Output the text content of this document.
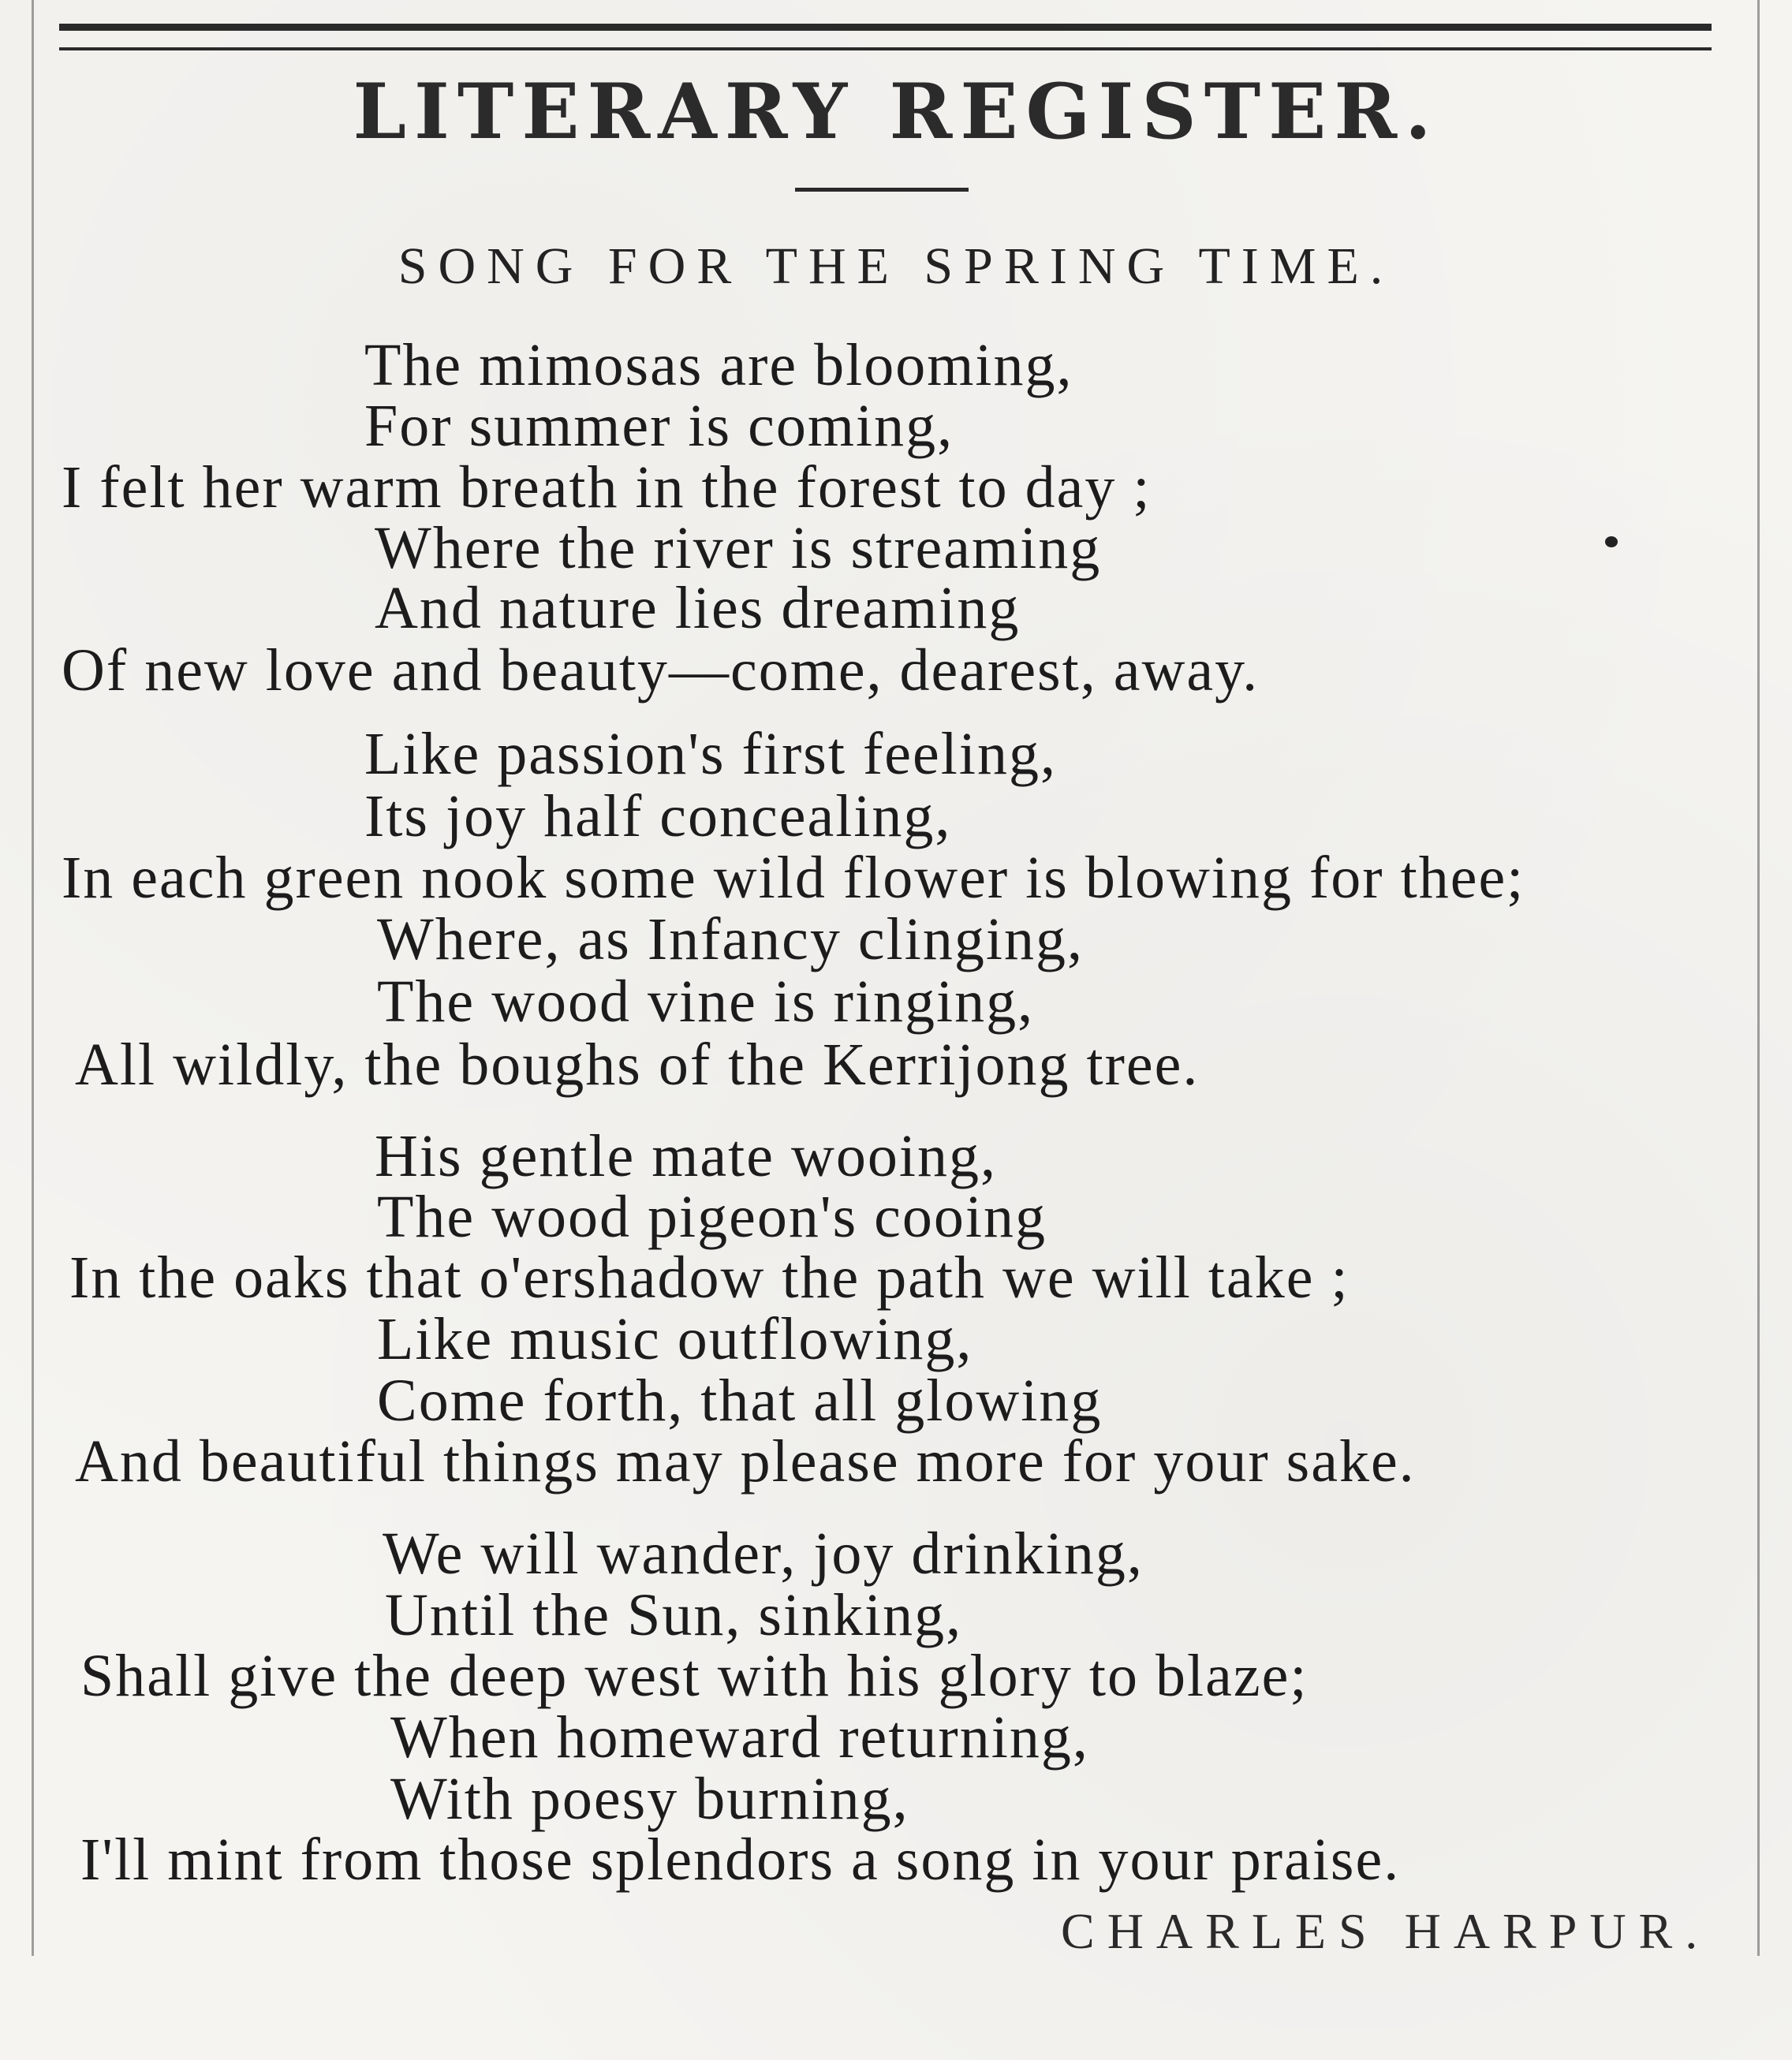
LITERARY REGISTER.
SONG FOR THE SPRING TIME.
The mimosas are blooming,
For summer is coming,
I felt her warm breath in the forest to day ;
Where the river is streaming
And nature lies dreaming
Of new love and beauty—come, dearest, away.
Like passion's first feeling,
Its joy half concealing,
In each green nook some wild flower is blowing for thee;
Where, as Infancy clinging,
The wood vine is ringing,
All wildly, the boughs of the Kerrijong tree.
His gentle mate wooing,
The wood pigeon's cooing
In the oaks that o'ershadow the path we will take ;
Like music outflowing,
Come forth, that all glowing
And beautiful things may please more for your sake.
We will wander, joy drinking,
Until the Sun, sinking,
Shall give the deep west with his glory to blaze;
When homeward returning,
With poesy burning,
I'll mint from those splendors a song in your praise.
CHARLES HARPUR.
